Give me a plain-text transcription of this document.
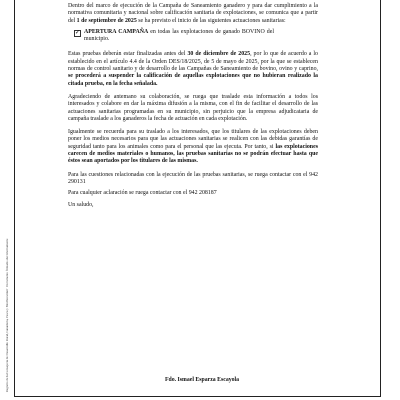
Registro de la Consejería de Desarrollo Rural, Ganadería, Pesca y Biodiversidad · Documento firmado electrónicamente

Dentro del marco de ejecución de la Campaña de Saneamiento ganadero y para dar cumplimiento a la normativa comunitaria y nacional sobre calificación sanitaria de explotaciones, se comunica que a partir del 1 de septiembre de 2025 se ha previsto el inicio de las siguientes actuaciones sanitarias:

✓ APERTURA CAMPAÑA en todas las explotaciones de ganado BOVINO del municipio.

Estas pruebas deberán estar finalizadas antes del 30 de diciembre de 2025, por lo que de acuerdo a lo establecido en el artículo 4.4 de la Orden DES/18/2025, de 5 de mayo de 2025, por la que se establecen normas de control sanitario y de desarrollo de las Campañas de Saneamiento de bovino, ovino y caprino, se procederá a suspender la calificación de aquellas explotaciones que no hubieran realizado la citada prueba, en la fecha señalada.

Agradeciendo de antemano su colaboración, se ruega que traslade esta información a todos los interesados y colabore en dar la máxima difusión a la misma, con el fin de facilitar el desarrollo de las actuaciones sanitarias programadas en su municipio, sin perjuicio que la empresa adjudicataria de campaña traslade a los ganaderos la fecha de actuación en cada explotación.

Igualmente se recuerda para su traslado a los interesados, que los titulares de las explotaciones deben poner los medios necesarios para que las actuaciones sanitarias se realicen con las debidas garantías de seguridad tanto para los animales como para el personal que las ejecuta. Por tanto, si las explotaciones carecen de medios materiales o humanos, las pruebas sanitarias no se podrán efectuar hasta que éstos sean aportados por los titulares de las mismas.

Para las cuestiones relacionadas con la ejecución de las pruebas sanitarias, se ruega contactar con el 942 290131

Para cualquier aclaración se ruega contactar con el 942 208187

Un saludo,

Fdo. Ismael Esparza Escayola
